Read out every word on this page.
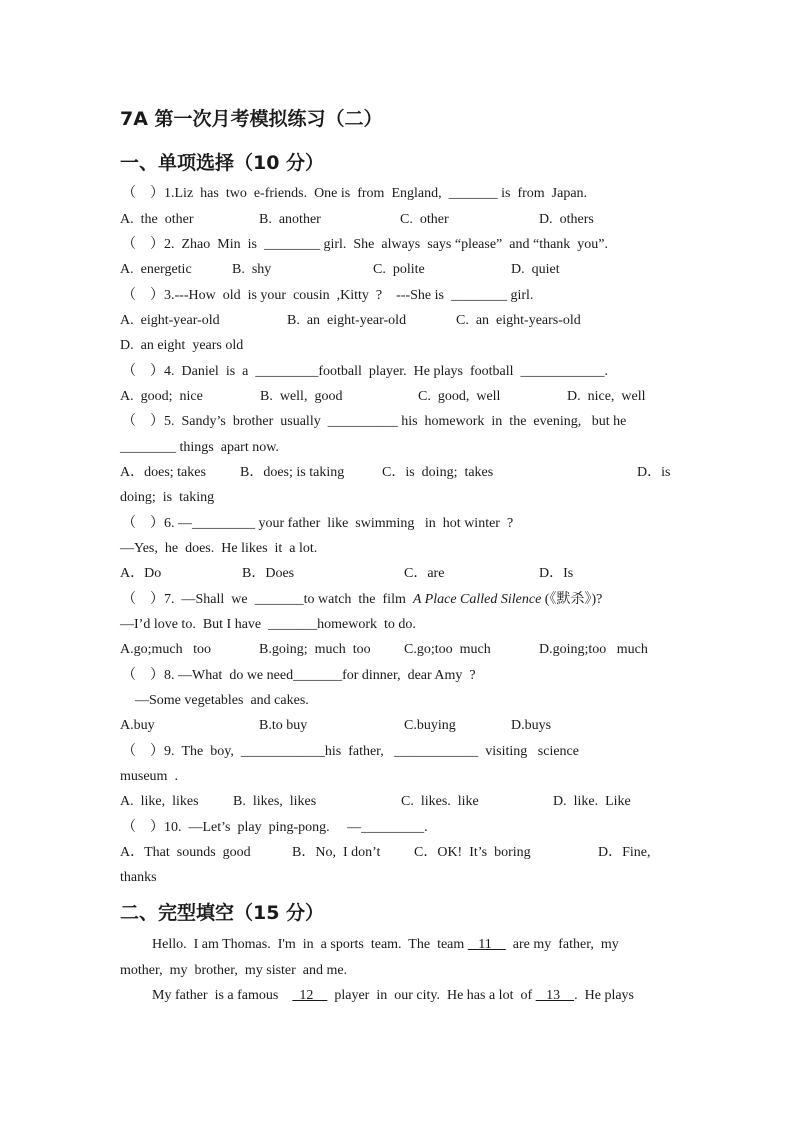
7A 第一次月考模拟练习（二）
一、单项选择（10 分）
（    ）1.Liz  has  two  e-friends.  One is  from  England,  _______ is  from  Japan.
A.  the  other	B.  another	C.  other	D.  others
（    ）2.  Zhao  Min  is  ________ girl.  She  always  says “please”  and “thank  you”.
A.  energetic	B.  shy	C.  polite	D.  quiet
（    ）3.---How  old  is your  cousin  ,Kitty  ?    ---She is  ________ girl.
A.  eight-year-old	B.  an  eight-year-old	C.  an  eight-years-old
D.  an eight  years old
（    ）4.  Daniel  is  a  _________football  player.  He plays  football  ____________.
A.  good;  nice	B.  well,  good	C.  good,  well	D.  nice,  well
（    ）5.  Sandy’s  brother  usually  __________ his  homework  in  the  evening,   but he
________ things  apart now.
A．does; takes B．does; is taking	C．is  doing;  takes	D．is
doing;  is  taking
（    ）6. —_________ your father  like  swimming   in  hot winter  ?
—Yes,  he  does.  He likes  it  a lot.
A．Do	B．Does	C．are	D．Is
（    ）7.  —Shall  we  _______to watch  the  film  A Place Called Silence (《默杀》)?
—I’d love to.  But I have  _______homework  to do.
A.go;much   too	B.going;  much  too C.go;too  much	D.going;too   much
（    ）8. —What  do we need_______for dinner,  dear Amy  ?
—Some vegetables  and cakes.
A.buy	B.to buy	C.buying	D.buys
（    ）9.  The  boy,  ____________his  father,   ____________  visiting   science
museum  .
A.  like,  likes B.  likes,  likes	C.  likes.  like	D.  like.  Like
（    ）10.  —Let’s  play  ping-pong.     —_________.
A．That  sounds  good	B．No,  I don’t C．OK!  It’s  boring	D．Fine,
thanks
二、完型填空（15 分）
Hello.  I am Thomas.  I'm  in  a sports  team.  The  team    11      are my  father,  my
mother,  my  brother,  my sister  and me.
My father  is a famous      12      player  in  our city.  He has a lot  of    13    .  He plays
